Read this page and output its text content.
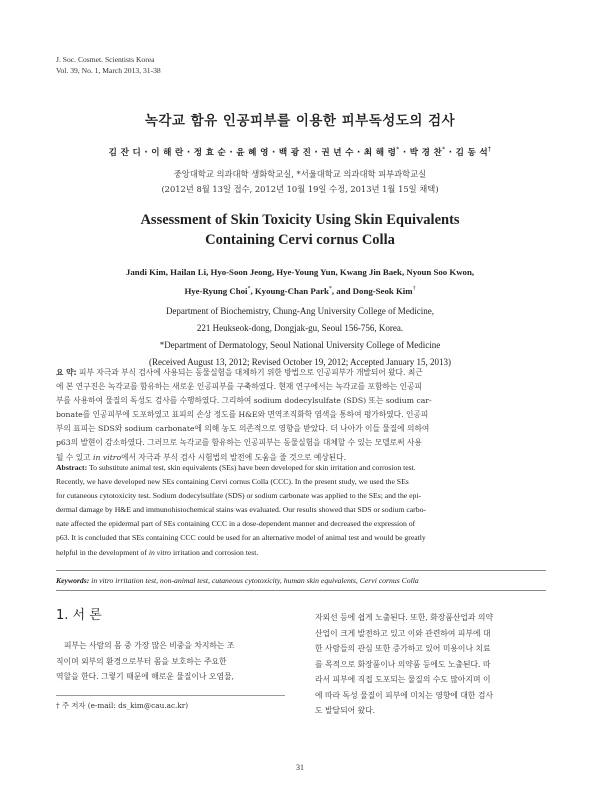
J. Soc. Cosmet. Scientists Korea
Vol. 39, No. 1, March 2013, 31-38
녹각교 함유 인공피부를 이용한 피부독성도의 검사
김 잔 디 · 이 해 란 · 정 효 순 · 윤 혜 영 · 백 광 진 · 권 년 수 · 최 해 령* · 박 경 찬* · 김 동 석†
중앙대학교 의과대학 생화학교실, *서울대학교 의과대학 피부과학교실
(2012년 8월 13일 접수, 2012년 10월 19일 수정, 2013년 1월 15일 채택)
Assessment of Skin Toxicity Using Skin Equivalents
Containing Cervi cornus Colla
Jandi Kim, Hailan Li, Hyo-Soon Jeong, Hye-Young Yun, Kwang Jin Baek, Nyoun Soo Kwon,
Hye-Ryung Choi*, Kyoung-Chan Park*, and Dong-Seok Kim†
Department of Biochemistry, Chung-Ang University College of Medicine,
221 Heukseok-dong, Dongjak-gu, Seoul 156-756, Korea.
*Department of Dermatology, Seoul National University College of Medicine
(Received August 13, 2012; Revised October 19, 2012; Accepted January 15, 2013)
요 약: 피부 자극과 부식 검사에 사용되는 동물실험을 대체하기 위한 방법으로 인공피부가 개발되어 왔다. 최근
에 본 연구진은 녹각교를 함유하는 새로운 인공피부를 구축하였다. 현재 연구에서는 녹각교를 포함하는 인공피
부를 사용하여 물질의 독성도 검사를 수행하였다. 그리하여 sodium dodecylsulfate (SDS) 또는 sodium car-
bonate를 인공피부에 도포하였고 표피의 손상 정도를 H&E와 면역조직화학 염색을 통하여 평가하였다. 인공피
부의 표피는 SDS와 sodium carbonate에 의해 농도 의존적으로 영향을 받았다. 더 나아가 이들 물질에 의하여
p63의 발현이 감소하였다. 그러므로 녹각교를 함유하는 인공피부는 동물실험을 대체할 수 있는 모델로써 사용
될 수 있고 in vitro에서 자극과 부식 검사 시험법의 발전에 도움을 줄 것으로 예상된다.
Abstract: To substitute animal test, skin equivalents (SEs) have been developed for skin irritation and corrosion test.
Recently, we have developed new SEs containing Cervi cornus Colla (CCC). In the present study, we used the SEs
for cutaneous cytotoxicity test. Sodium dodecylsulfate (SDS) or sodium carbonate was applied to the SEs; and the epi-
dermal damage by H&E and immunohistochemical stains was evaluated. Our results showed that SDS or sodium carbo-
nate affected the epidermal part of SEs containing CCC in a dose-dependent manner and decreased the expression of
p63. It is concluded that SEs containing CCC could be used for an alternative model of animal test and would be greatly
helpful in the development of in vitro irritation and corrosion test.
Keywords: in vitro irritation test, non-animal test, cutaneous cytotoxicity, human skin equivalents, Cervi cornus Colla
1. 서 론
피부는 사람의 몸 중 가장 많은 비중을 차지하는 조
직이며 외부의 환경으로부터 몸을 보호하는 주요한
역할을 한다. 그렇기 때문에 해로운 물질이나 오염물,
자외선 등에 쉽게 노출된다. 또한, 화장품산업과 의약
산업이 크게 발전하고 있고 이와 관련하여 피부에 대
한 사람들의 관심 또한 증가하고 있어 미용이나 치료
를 목적으로 화장품이나 의약품 등에도 노출된다. 따
라서 피부에 직접 도포되는 물질의 수도 많아지며 이
에 따라 독성 물질이 피부에 미치는 영향에 대한 검사
도 발달되어 왔다.
† 주 저자 (e-mail: ds_kim@cau.ac.kr)
31
